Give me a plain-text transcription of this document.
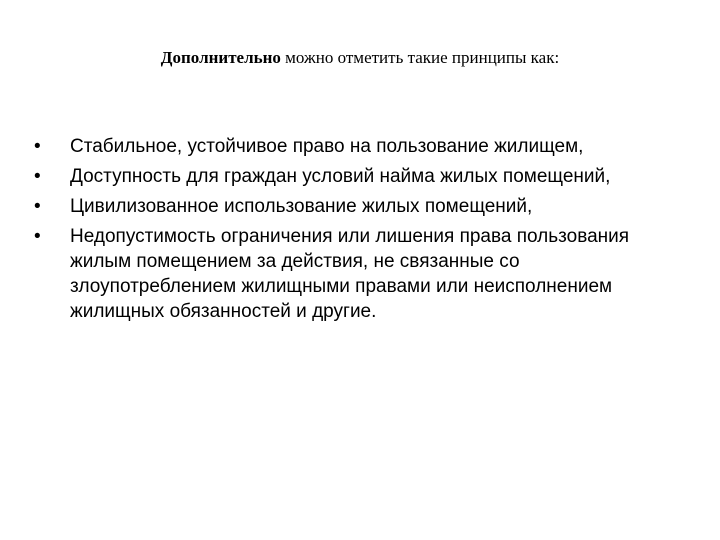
Дополнительно можно отметить такие принципы как:
•	Стабильное, устойчивое право на пользование жилищем,
•	Доступность для граждан условий найма жилых помещений,
•	Цивилизованное использование жилых помещений,
•	Недопустимость ограничения или лишения права пользования жилым помещением за действия, не связанные со злоупотреблением жилищными правами или неисполнением жилищных обязанностей и другие.
